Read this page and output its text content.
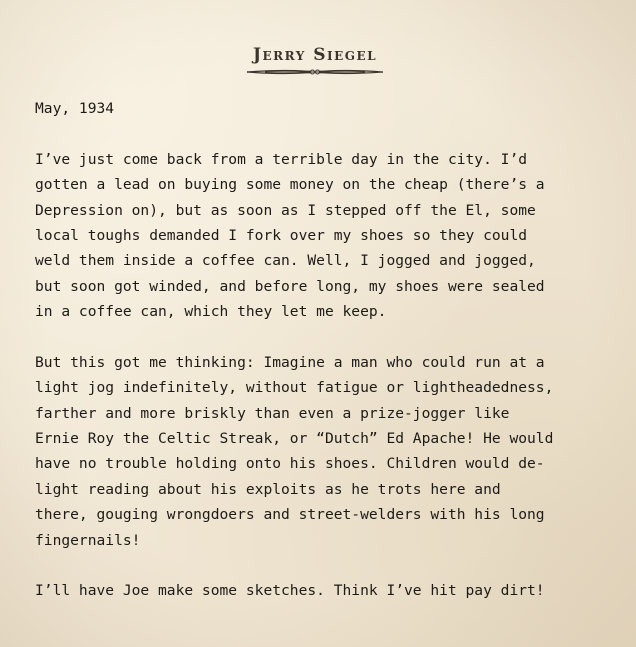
Jerry Siegel
May, 1934
I’ve just come back from a terrible day in the city. I’d
gotten a lead on buying some money on the cheap (there’s a
Depression on), but as soon as I stepped off the El, some
local toughs demanded I fork over my shoes so they could
weld them inside a coffee can. Well, I jogged and jogged,
but soon got winded, and before long, my shoes were sealed
in a coffee can, which they let me keep.
But this got me thinking: Imagine a man who could run at a
light jog indefinitely, without fatigue or lightheadedness,
farther and more briskly than even a prize-jogger like
Ernie Roy the Celtic Streak, or “Dutch” Ed Apache! He would
have no trouble holding onto his shoes. Children would de-
light reading about his exploits as he trots here and
there, gouging wrongdoers and street-welders with his long
fingernails!
I’ll have Joe make some sketches. Think I’ve hit pay dirt!
